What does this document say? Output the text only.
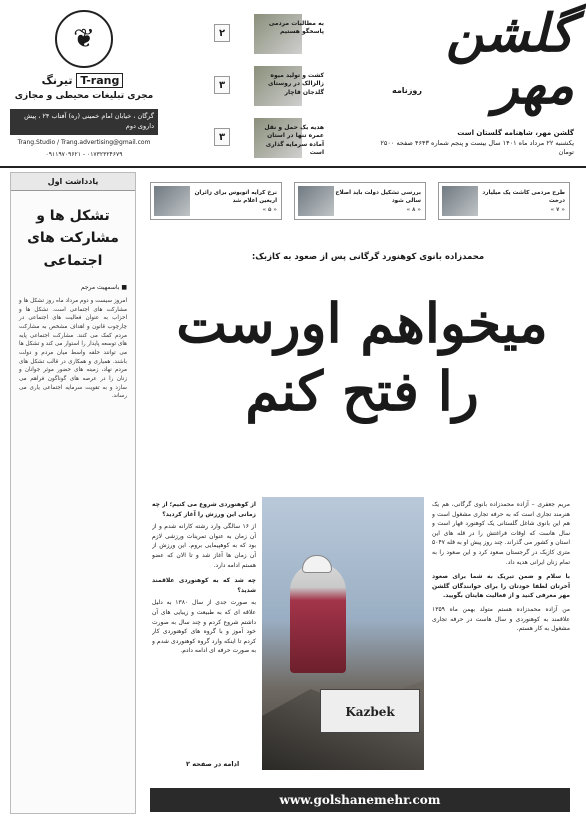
گلشن مهر
روزنامه
گلشن مهر، شاهنامه گلستان است
یکشنبه ۲۲ مرداد ماه ۱۴۰۱ سال بیست و پنجم شماره ۴۶۴۳ صفحه ۲۵۰۰ تومان
۲
به مطالبات مردمی پاسخگو هستیم
۳
کشت و تولید میوه زالزالک در روستای گلدجان قاچار
۳
هدیه یک حمل و نقل عمره تنها در استان آماده سرمایه گذاری است
❦
T-rang تیرنگ
مجری تبلیغات محیطی و مجازی
گرگان ، خیابان امام خمینی (ره) آفتاب ۲۴ ، پیش داروی دوم
Trang.Studio / Trang.advertising@gmail.com
۰۱۷۳۲۳۲۴۶۷۹ - ۰۹۱۱۹۷۰۹۶۲۱
یادداشت اول
تشکل ها و مشارکت های اجتماعی
■ باسمهیت مرجم
امروز سیست و دوم مرداد ماه روز تشکل ها و مشارکت های اجتماعی است. تشکل ها و احزاب به عنوان فعالیت های اجتماعی در چارچوب قانون و اهداف مشخص به مشارکت مردم کمک می کنند. مشارکت اجتماعی پایه های توسعه پایدار را استوار می کند و تشکل ها می توانند حلقه واسط میان مردم و دولت باشند. همیاری و همکاری در قالب تشکل های مردم نهاد، زمینه های حضور موثر جوانان و زنان را در عرصه های گوناگون فراهم می سازد و به تقویت سرمایه اجتماعی یاری می رساند.
نرخ کرایه اتوبوس برای زائران اربعین اعلام شد
« ۵ »
بررسی تشکیل دولت باید اصلاح سالی شود
« ۸ »
طرح مردمی کاشت یک میلیارد درخت
« ۷ »
محمدزاده بانوی کوهنورد گرگانی پس از صعود به کازبک:
میخواهم اورست
را فتح کنم
Kazbek
مریم جعفری – آزاده محمدزاده بانوی گرگانی، هم یک هنرمند تجاری است که به حرفه تجاری مشغول است و هم این بانوی شاغل گلستانی یک کوهنورد قهار است و سال هاست که اوقات فراغتش را در قله های این استان و کشور می گذراند. چند روز پیش او به قله ۵۰۴۷ متری کازبک در گرجستان صعود کرد و این صعود را به تمام زنان ایرانی هدیه داد.
با سلام و ضمن تبریک به شما برای صعود آخرتان لطفا خودتان را برای خوانندگان گلشن مهر معرفی کنید و از فعالیت هایتان بگویید.
من آزاده محمدزاده هستم متولد بهمن ماه ۱۳۵۹ علاقمند به کوهنوردی و سال هاست در حرفه تجاری مشغول به کار هستم.
از کوهنوردی شروع می کنیم؛ از چه زمانی این ورزش را آغاز کردید؟
از ۱۶ سالگی وارد رشته کارانه شدم و از آن زمان به عنوان تمرینات ورزشی لازم بود که به کوهپیمایی بروم. این ورزش از آن زمان ها آغاز شد و تا الان که عضو هستم ادامه دارد.
چه شد که به کوهنوردی علاقمند شدید؟
به صورت جدی از سال ۱۳۸۰ به دلیل علاقه ای که به طبیعت و زیبایی های آن داشتم شروع کردم و چند سال به صورت خود آموز و با گروه های کوهنوردی کار کردم تا اینکه وارد گروه کوهنوردی شدم و به صورت حرفه ای ادامه دادم.
ادامه در صفحه ۲
www.golshanemehr.com
